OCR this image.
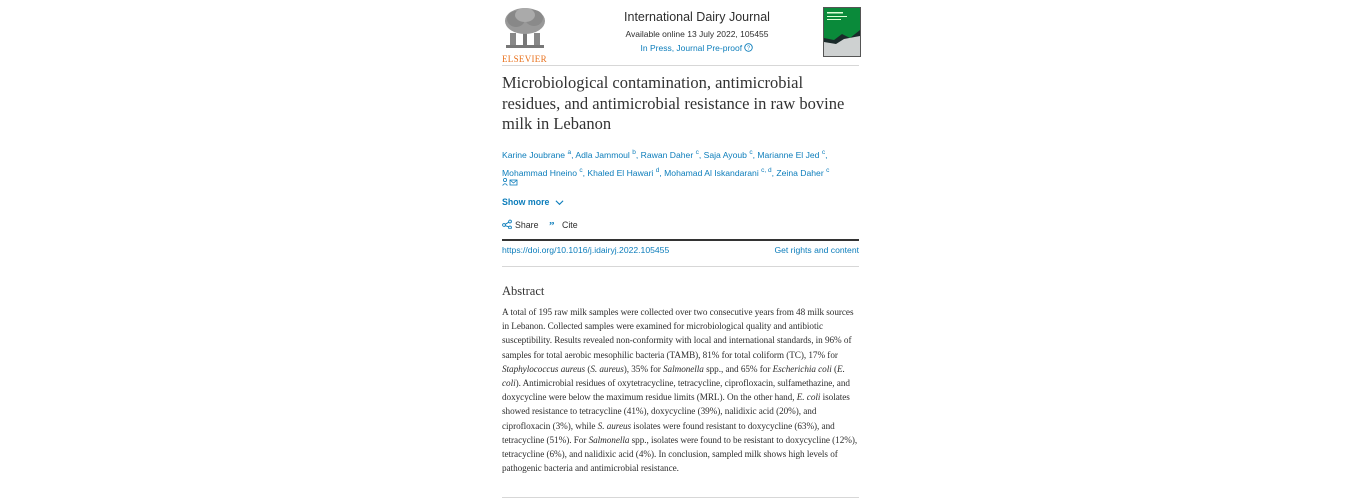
ELSEVIER
International Dairy Journal
Available online 13 July 2022, 105455
In Press, Journal Pre-proof ?
Microbiological contamination, antimicrobial residues, and antimicrobial resistance in raw bovine milk in Lebanon
Karine Joubrane $^a$, Adla Jammoul $^b$, Rawan Daher $^c$, Saja Ayoub $^c$, Marianne El Jed $^c$, Mohammad Hneino $^c$, Khaled El Hawari $^d$, Mohamad Al Iskandarani $^{c, d}$, Zeina Daher $^c$
Show more
Share ” Cite
https://doi.org/10.1016/j.idairyj.2022.105455	Get rights and content
Abstract
A total of 195 raw milk samples were collected over two consecutive years from 48 milk sources in Lebanon. Collected samples were examined for microbiological quality and antibiotic susceptibility. Results revealed non-conformity with local and international standards, in 96% of samples for total aerobic mesophilic bacteria (TAMB), 81% for total coliform (TC), 17% for Staphylococcus aureus (S. aureus), 35% for Salmonella spp., and 65% for Escherichia coli (E. coli). Antimicrobial residues of oxytetracycline, tetracycline, ciprofloxacin, sulfamethazine, and doxycycline were below the maximum residue limits (MRL). On the other hand, E. coli isolates showed resistance to tetracycline (41%), doxycycline (39%), nalidixic acid (20%), and ciprofloxacin (3%), while S. aureus isolates were found resistant to doxycycline (63%), and tetracycline (51%). For Salmonella spp., isolates were found to be resistant to doxycycline (12%), tetracycline (6%), and nalidixic acid (4%). In conclusion, sampled milk shows high levels of pathogenic bacteria and antimicrobial resistance.
